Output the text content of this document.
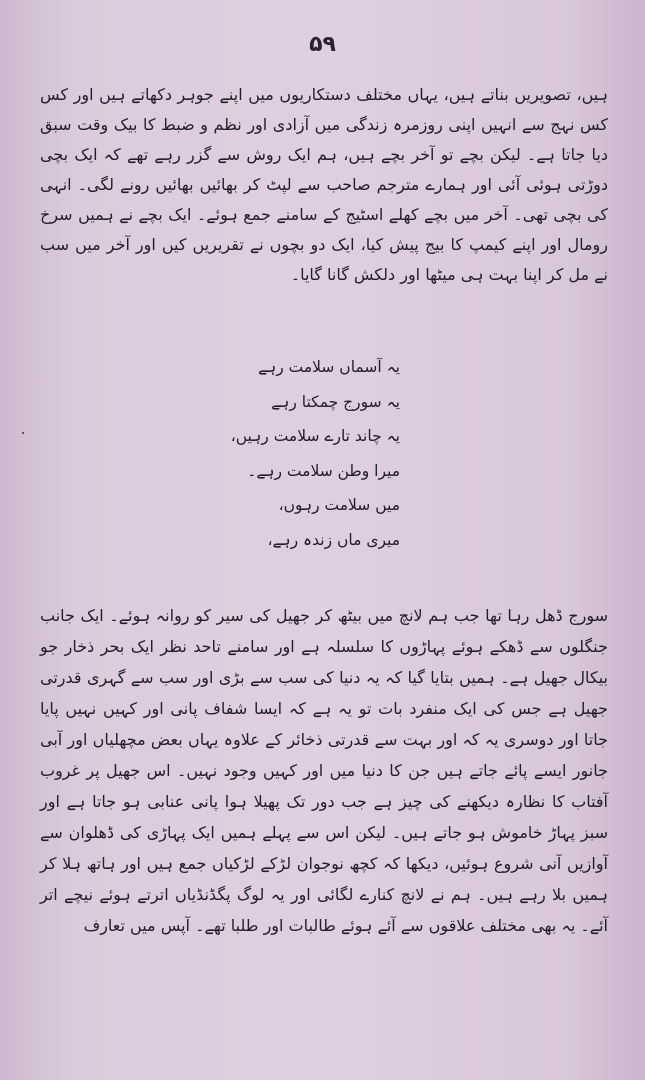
۵۹

ہیں، تصویریں بناتے ہیں، یہاں مختلف دستکاریوں میں اپنے جوہر دکھاتے ہیں اور کس کس نہج سے انہیں اپنی روزمرہ زندگی میں آزادی اور نظم و ضبط کا بیک وقت سبق دیا جاتا ہے۔ لیکن بچے تو آخر بچے ہیں، ہم ایک روش سے گزر رہے تھے کہ ایک بچی دوڑتی ہوئی آئی اور ہمارے مترجم صاحب سے لپٹ کر بھائیں بھائیں رونے لگی۔ انہی کی بچی تھی۔ آخر میں بچے کھلے اسٹیج کے سامنے جمع ہوئے۔ ایک بچے نے ہمیں سرخ رومال اور اپنے کیمپ کا بیج پیش کیا، ایک دو بچوں نے تقریریں کیں اور آخر میں سب نے مل کر اپنا بہت ہی میٹھا اور دلکش گانا گایا۔

یہ آسماں سلامت رہے
یہ سورج چمکتا رہے
یہ چاند تارے سلامت رہیں،
میرا وطن سلامت رہے۔
میں سلامت رہوں،
میری ماں زندہ رہے،

سورج ڈھل رہا تھا جب ہم لانچ میں بیٹھ کر جھیل کی سیر کو روانہ ہوئے۔ ایک جانب جنگلوں سے ڈھکے ہوئے پہاڑوں کا سلسلہ ہے اور سامنے تاحد نظر ایک بحر ذخار جو بیکال جھیل ہے۔ ہمیں بتایا گیا کہ یہ دنیا کی سب سے بڑی اور سب سے گہری قدرتی جھیل ہے جس کی ایک منفرد بات تو یہ ہے کہ ایسا شفاف پانی اور کہیں نہیں پایا جاتا اور دوسری یہ کہ اور بہت سے قدرتی ذخائر کے علاوہ یہاں بعض مچھلیاں اور آبی جانور ایسے پائے جاتے ہیں جن کا دنیا میں اور کہیں وجود نہیں۔ اس جھیل پر غروب آفتاب کا نظارہ دیکھنے کی چیز ہے جب دور تک پھیلا ہوا پانی عنابی ہو جاتا ہے اور سبز پہاڑ خاموش ہو جاتے ہیں۔ لیکن اس سے پہلے ہمیں ایک پہاڑی کی ڈھلوان سے آوازیں آنی شروع ہوئیں، دیکھا کہ کچھ نوجوان لڑکے لڑکیاں جمع ہیں اور ہاتھ ہلا کر ہمیں بلا رہے ہیں۔ ہم نے لانچ کنارے لگائی اور یہ لوگ پگڈنڈیاں اترتے ہوئے نیچے اتر آئے۔ یہ بھی مختلف علاقوں سے آئے ہوئے طالبات اور طلبا تھے۔ آپس میں تعارف
